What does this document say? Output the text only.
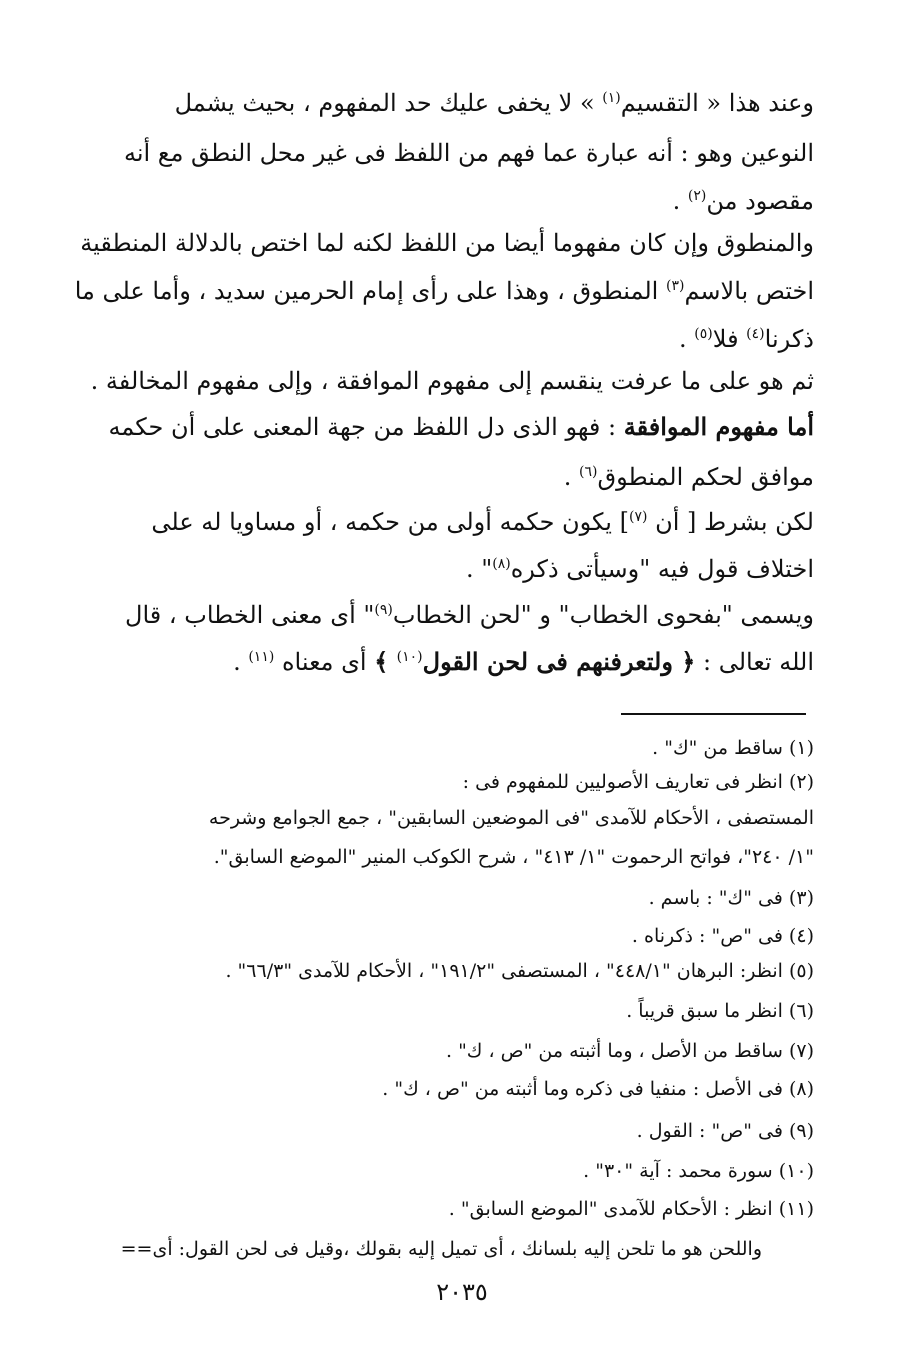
وعند هذا « التقسيم$^{(١)}$ » لا يخفى عليك حد المفهوم ، بحيث يشمل
النوعين وهو : أنه عبارة عما فهم من اللفظ فى غير محل النطق مع أنه
مقصود من$^{(٢)}$ .
والمنطوق وإن كان مفهوما أيضا من اللفظ لكنه لما اختص بالدلالة المنطقية
اختص بالاسم$^{(٣)}$ المنطوق ، وهذا على رأى إمام الحرمين سديد ، وأما على ما
ذكرنا$^{(٤)}$ فلا$^{(٥)}$ .
ثم هو على ما عرفت ينقسم إلى مفهوم الموافقة ، وإلى مفهوم المخالفة .
أما مفهوم الموافقة : فهو الذى دل اللفظ من جهة المعنى على أن حكمه
موافق لحكم المنطوق$^{(٦)}$ .
لكن بشرط [ أن $^{(٧)}$] يكون حكمه أولى من حكمه ، أو مساويا له على
اختلاف قول فيه "وسيأتى ذكره$^{(٨)}$" .
ويسمى "بفحوى الخطاب" و "لحن الخطاب$^{(٩)}$" أى معنى الخطاب ، قال
الله تعالى : ﴿ ولتعرفنهم فى لحن القول$^{(١٠)}$ ﴾ أى معناه $^{(١١)}$ .
(١) ساقط من "ك" .
(٢) انظر فى تعاريف الأصوليين للمفهوم فى :
المستصفى ، الأحكام للآمدى "فى الموضعين السابقين" ، جمع الجوامع وشرحه
"١/ ٢٤٠"، فواتح الرحموت "١/ ٤١٣" ، شرح الكوكب المنير "الموضع السابق".
(٣) فى "ك" : باسم .
(٤) فى "ص" : ذكرناه .
(٥) انظر: البرهان "٤٤٨/١" ، المستصفى "١٩١/٢" ، الأحكام للآمدى "٦٦/٣" .
(٦) انظر ما سبق قريباً .
(٧) ساقط من الأصل ، وما أثبته من "ص ، ك" .
(٨) فى الأصل : منفيا فى ذكره وما أثبته من "ص ، ك" .
(٩) فى "ص" : القول .
(١٠) سورة محمد : آية "٣٠" .
(١١) انظر : الأحكام للآمدى "الموضع السابق" .
واللحن هو ما تلحن إليه بلسانك ، أى تميل إليه بقولك ،وقيل فى لحن القول: أى==
٢٠٣٥
